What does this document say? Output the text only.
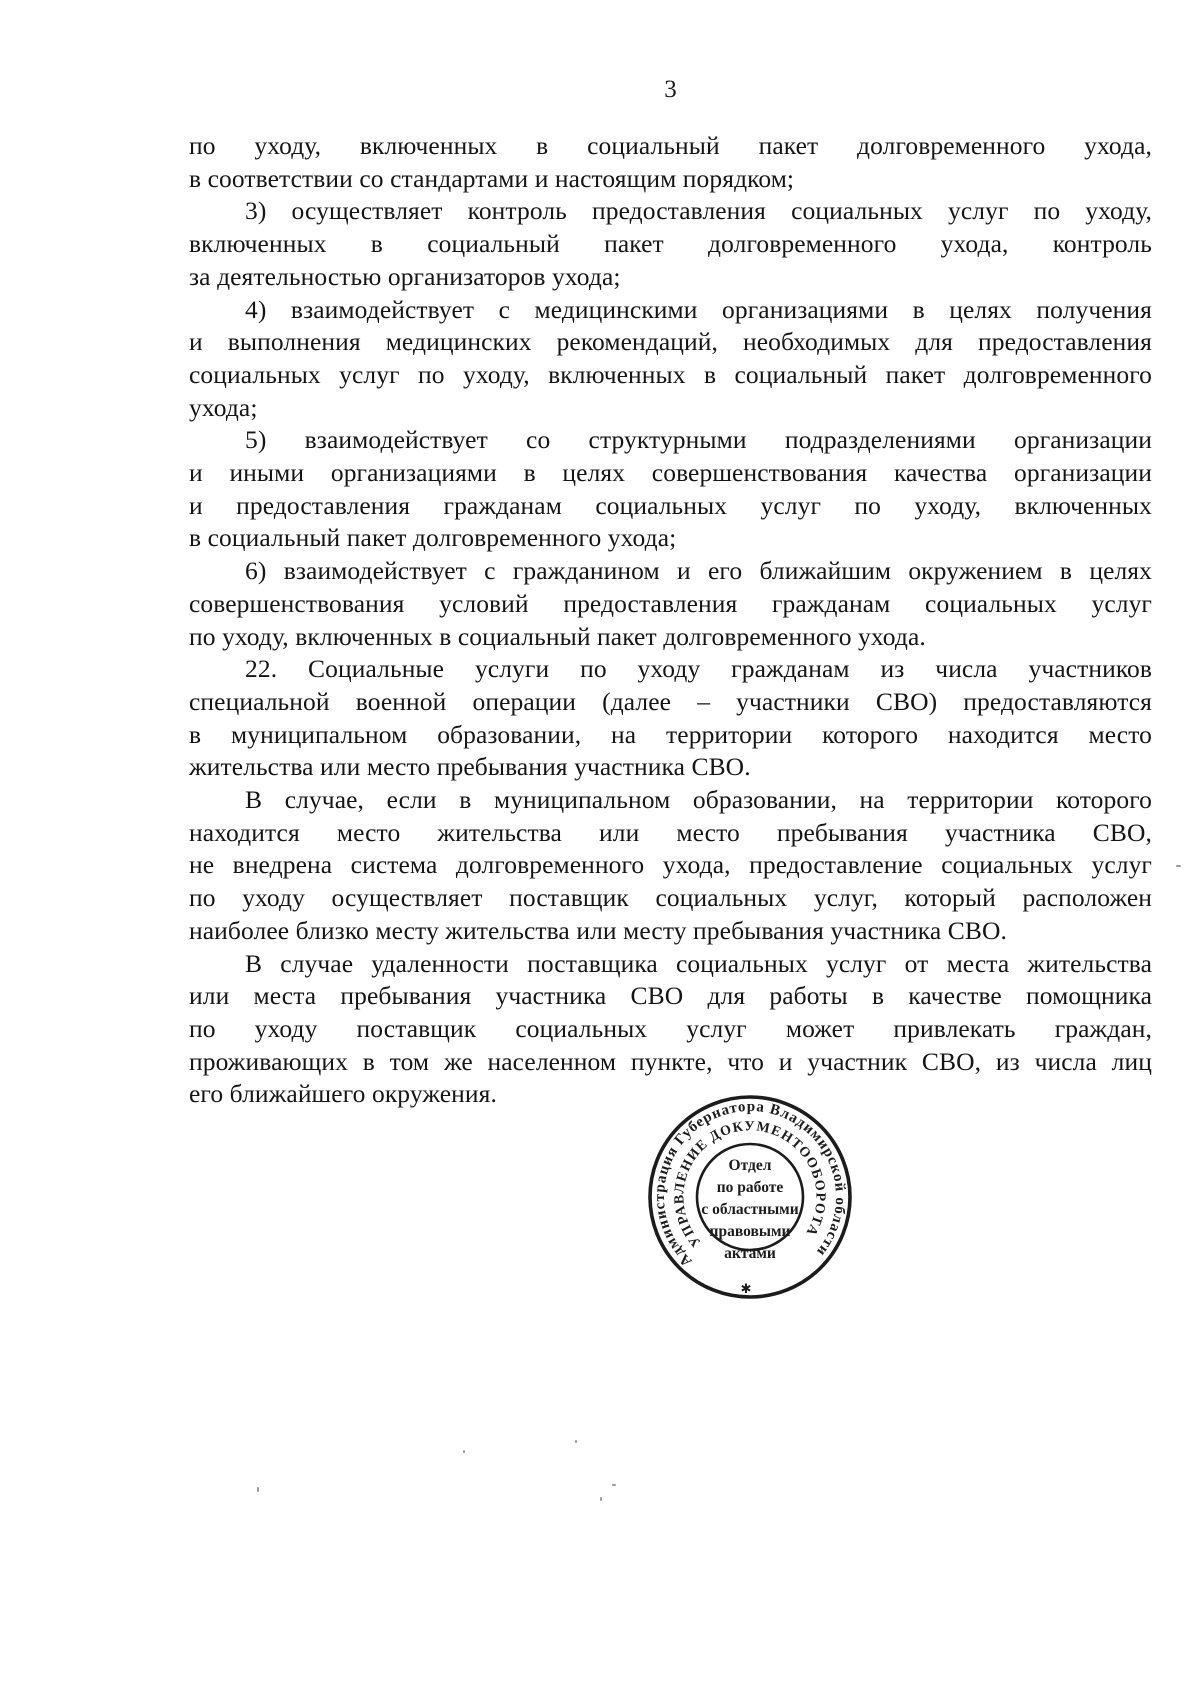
3
по уходу, включенных в социальный пакет долговременного ухода,
в соответствии со стандартами и настоящим порядком;
3) осуществляет контроль предоставления социальных услуг по уходу,
включенных в социальный пакет долговременного ухода, контроль
за деятельностью организаторов ухода;
4) взаимодействует с медицинскими организациями в целях получения
и выполнения медицинских рекомендаций, необходимых для предоставления
социальных услуг по уходу, включенных в социальный пакет долговременного
ухода;
5) взаимодействует со структурными подразделениями организации
и иными организациями в целях совершенствования качества организации
и предоставления гражданам социальных услуг по уходу, включенных
в социальный пакет долговременного ухода;
6) взаимодействует с гражданином и его ближайшим окружением в целях
совершенствования условий предоставления гражданам социальных услуг
по уходу, включенных в социальный пакет долговременного ухода.
22. Социальные услуги по уходу гражданам из числа участников
специальной военной операции (далее – участники СВО) предоставляются
в муниципальном образовании, на территории которого находится место
жительства или место пребывания участника СВО.
В случае, если в муниципальном образовании, на территории которого
находится место жительства или место пребывания участника СВО,
не внедрена система долговременного ухода, предоставление социальных услуг
по уходу осуществляет поставщик социальных услуг, который расположен
наиболее близко месту жительства или месту пребывания участника СВО.
В случае удаленности поставщика социальных услуг от места жительства
или места пребывания участника СВО для работы в качестве помощника
по уходу поставщик социальных услуг может привлекать граждан,
проживающих в том же населенном пункте, что и участник СВО, из числа лиц
его ближайшего окружения.
Администрация Губернатора Владимирской области
УПРАВЛЕНИЕ ДОКУМЕНТООБОРОТА
✱
Отдел
по работе
с областными
правовыми
актами
